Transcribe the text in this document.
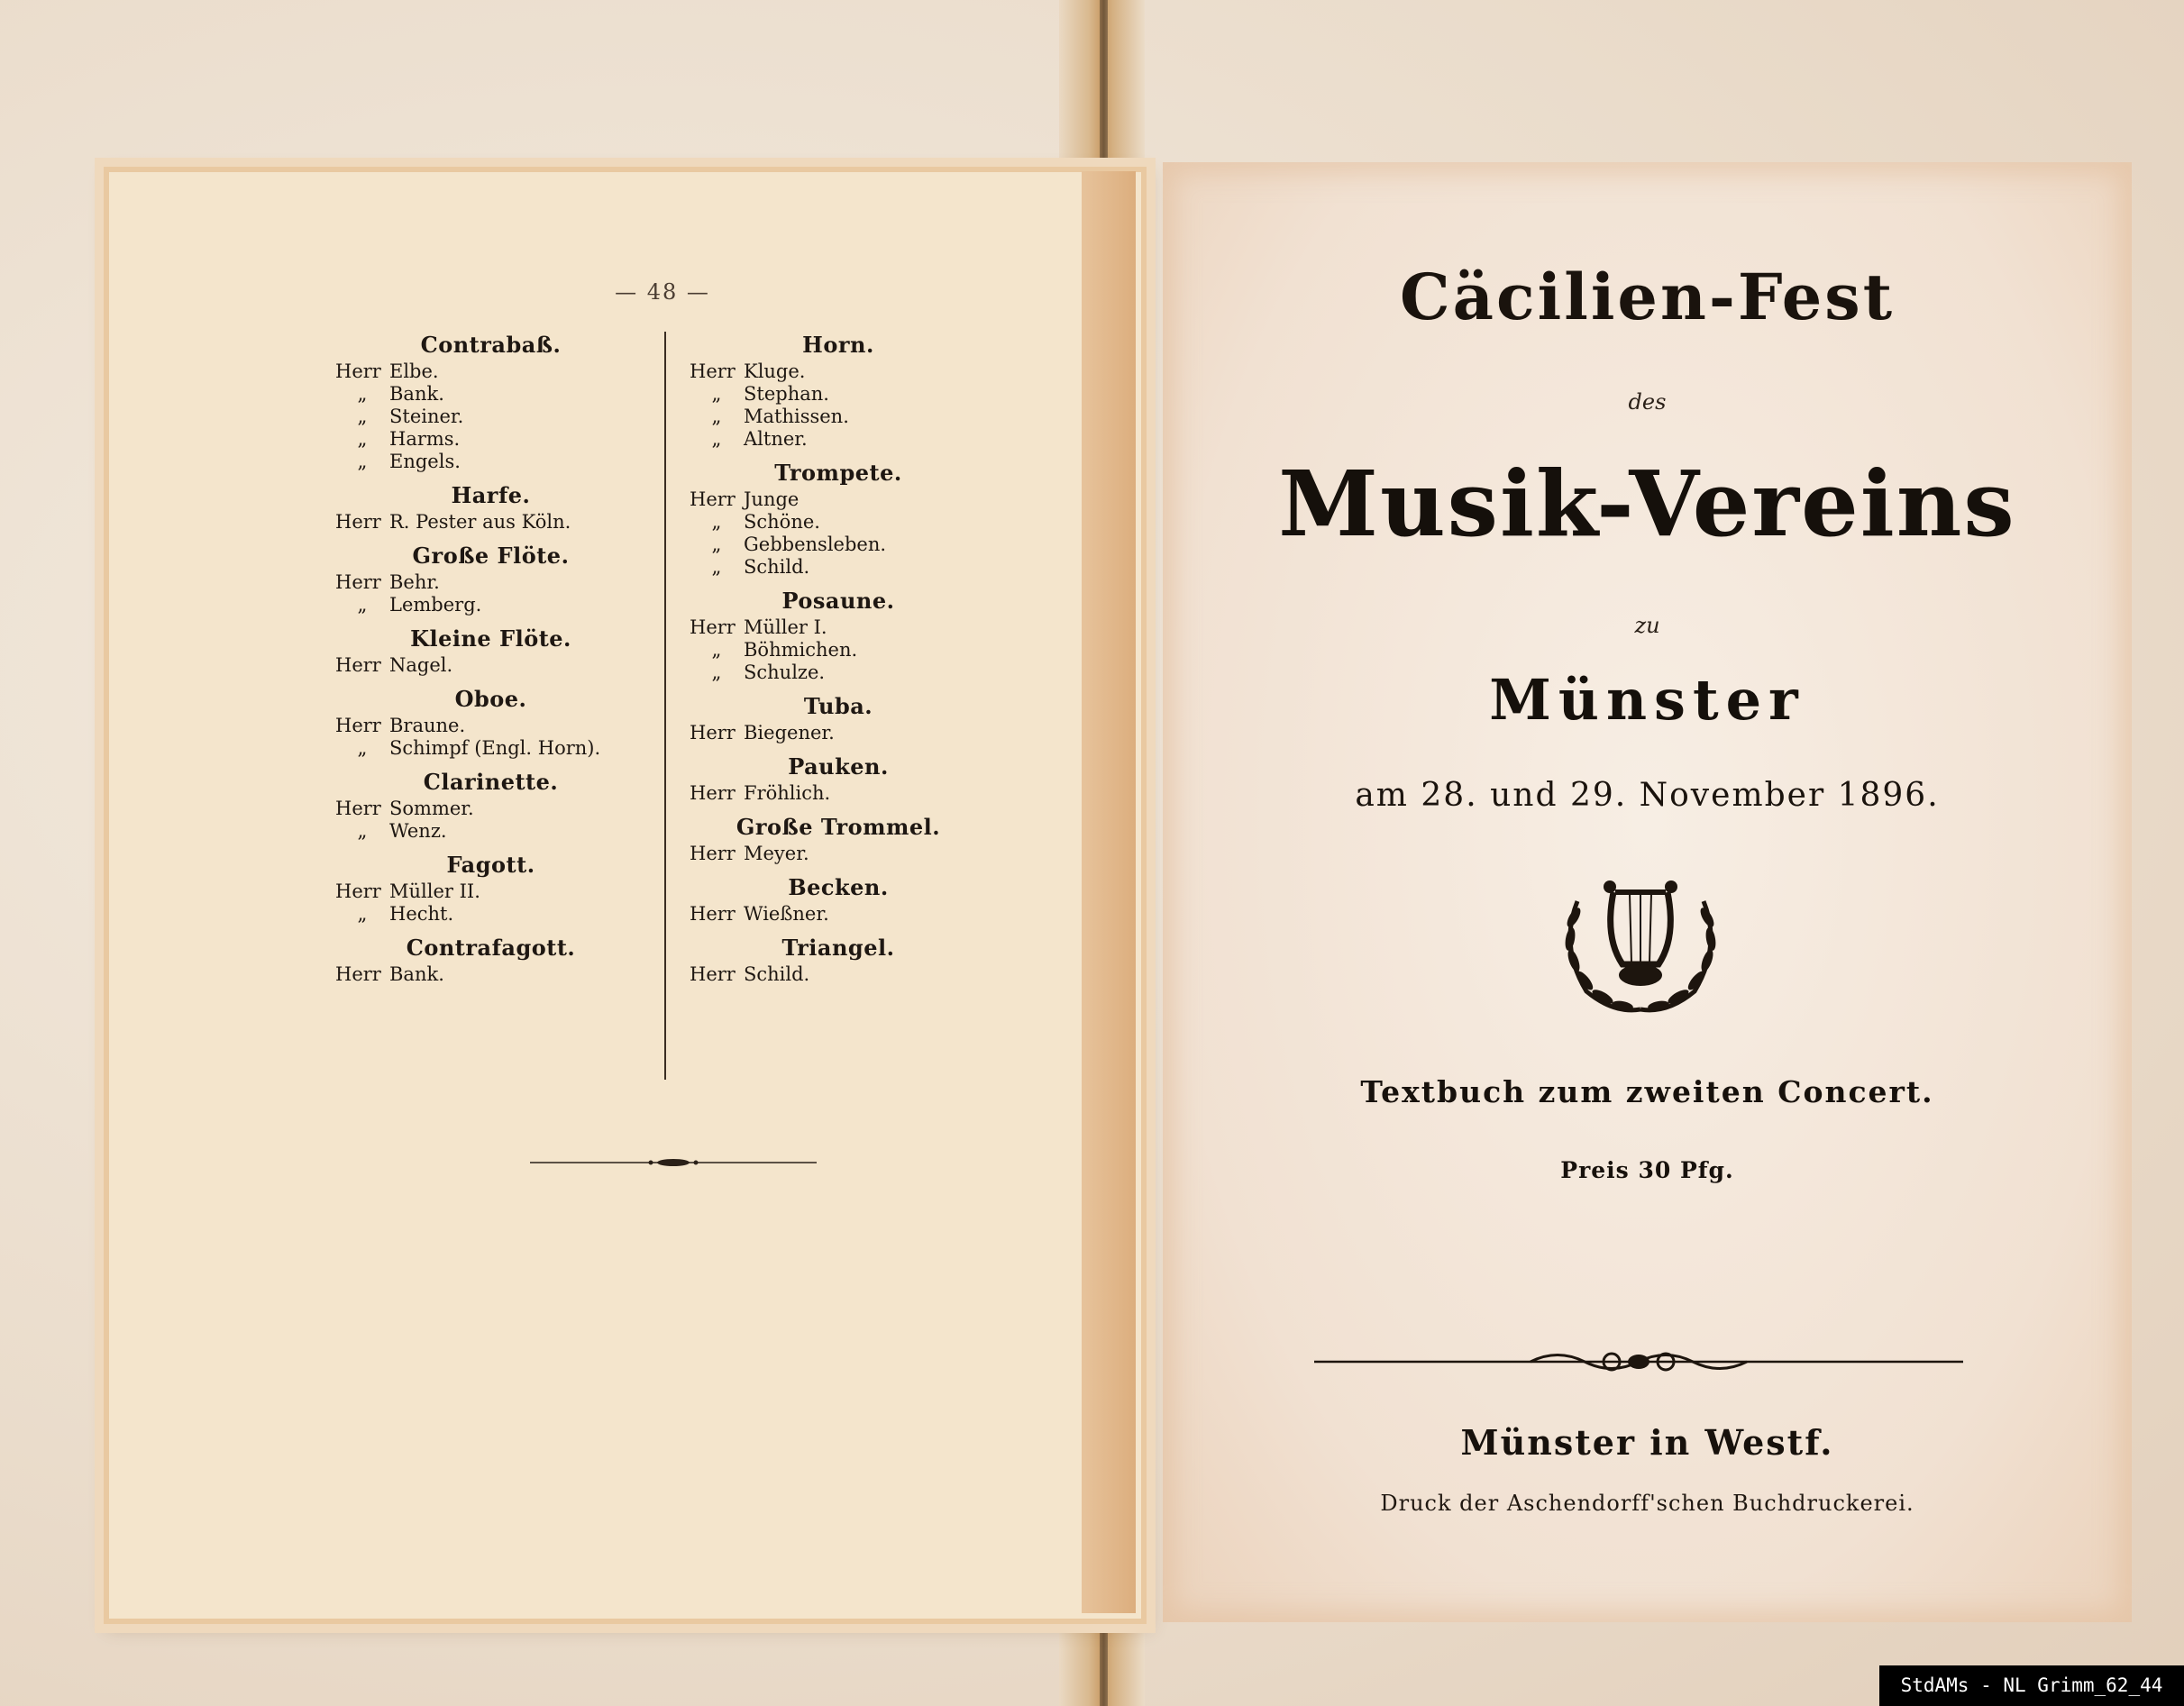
— 48 —
Contrabaß.
Herr Elbe.
„ Bank.
„ Steiner.
„ Harms.
„ Engels.
Harfe.
Herr R. Pester aus Köln.
Große Flöte.
Herr Behr.
„ Lemberg.
Kleine Flöte.
Herr Nagel.
Oboe.
Herr Braune.
„ Schimpf (Engl. Horn).
Clarinette.
Herr Sommer.
„ Wenz.
Fagott.
Herr Müller II.
„ Hecht.
Contrafagott.
Herr Bank.
Horn.
Herr Kluge.
„ Stephan.
„ Mathissen.
„ Altner.
Trompete.
Herr Junge
„ Schöne.
„ Gebbensleben.
„ Schild.
Posaune.
Herr Müller I.
„ Böhmichen.
„ Schulze.
Tuba.
Herr Biegener.
Pauken.
Herr Fröhlich.
Große Trommel.
Herr Meyer.
Becken.
Herr Wießner.
Triangel.
Herr Schild.
Cäcilien-Fest
des
Musik-Vereins
zu
Münster
am 28. und 29. November 1896.
Textbuch zum zweiten Concert.
Preis 30 Pfg.
Münster in Westf.
Druck der Aschendorff'schen Buchdruckerei.
StdAMs - NL Grimm_62_44
